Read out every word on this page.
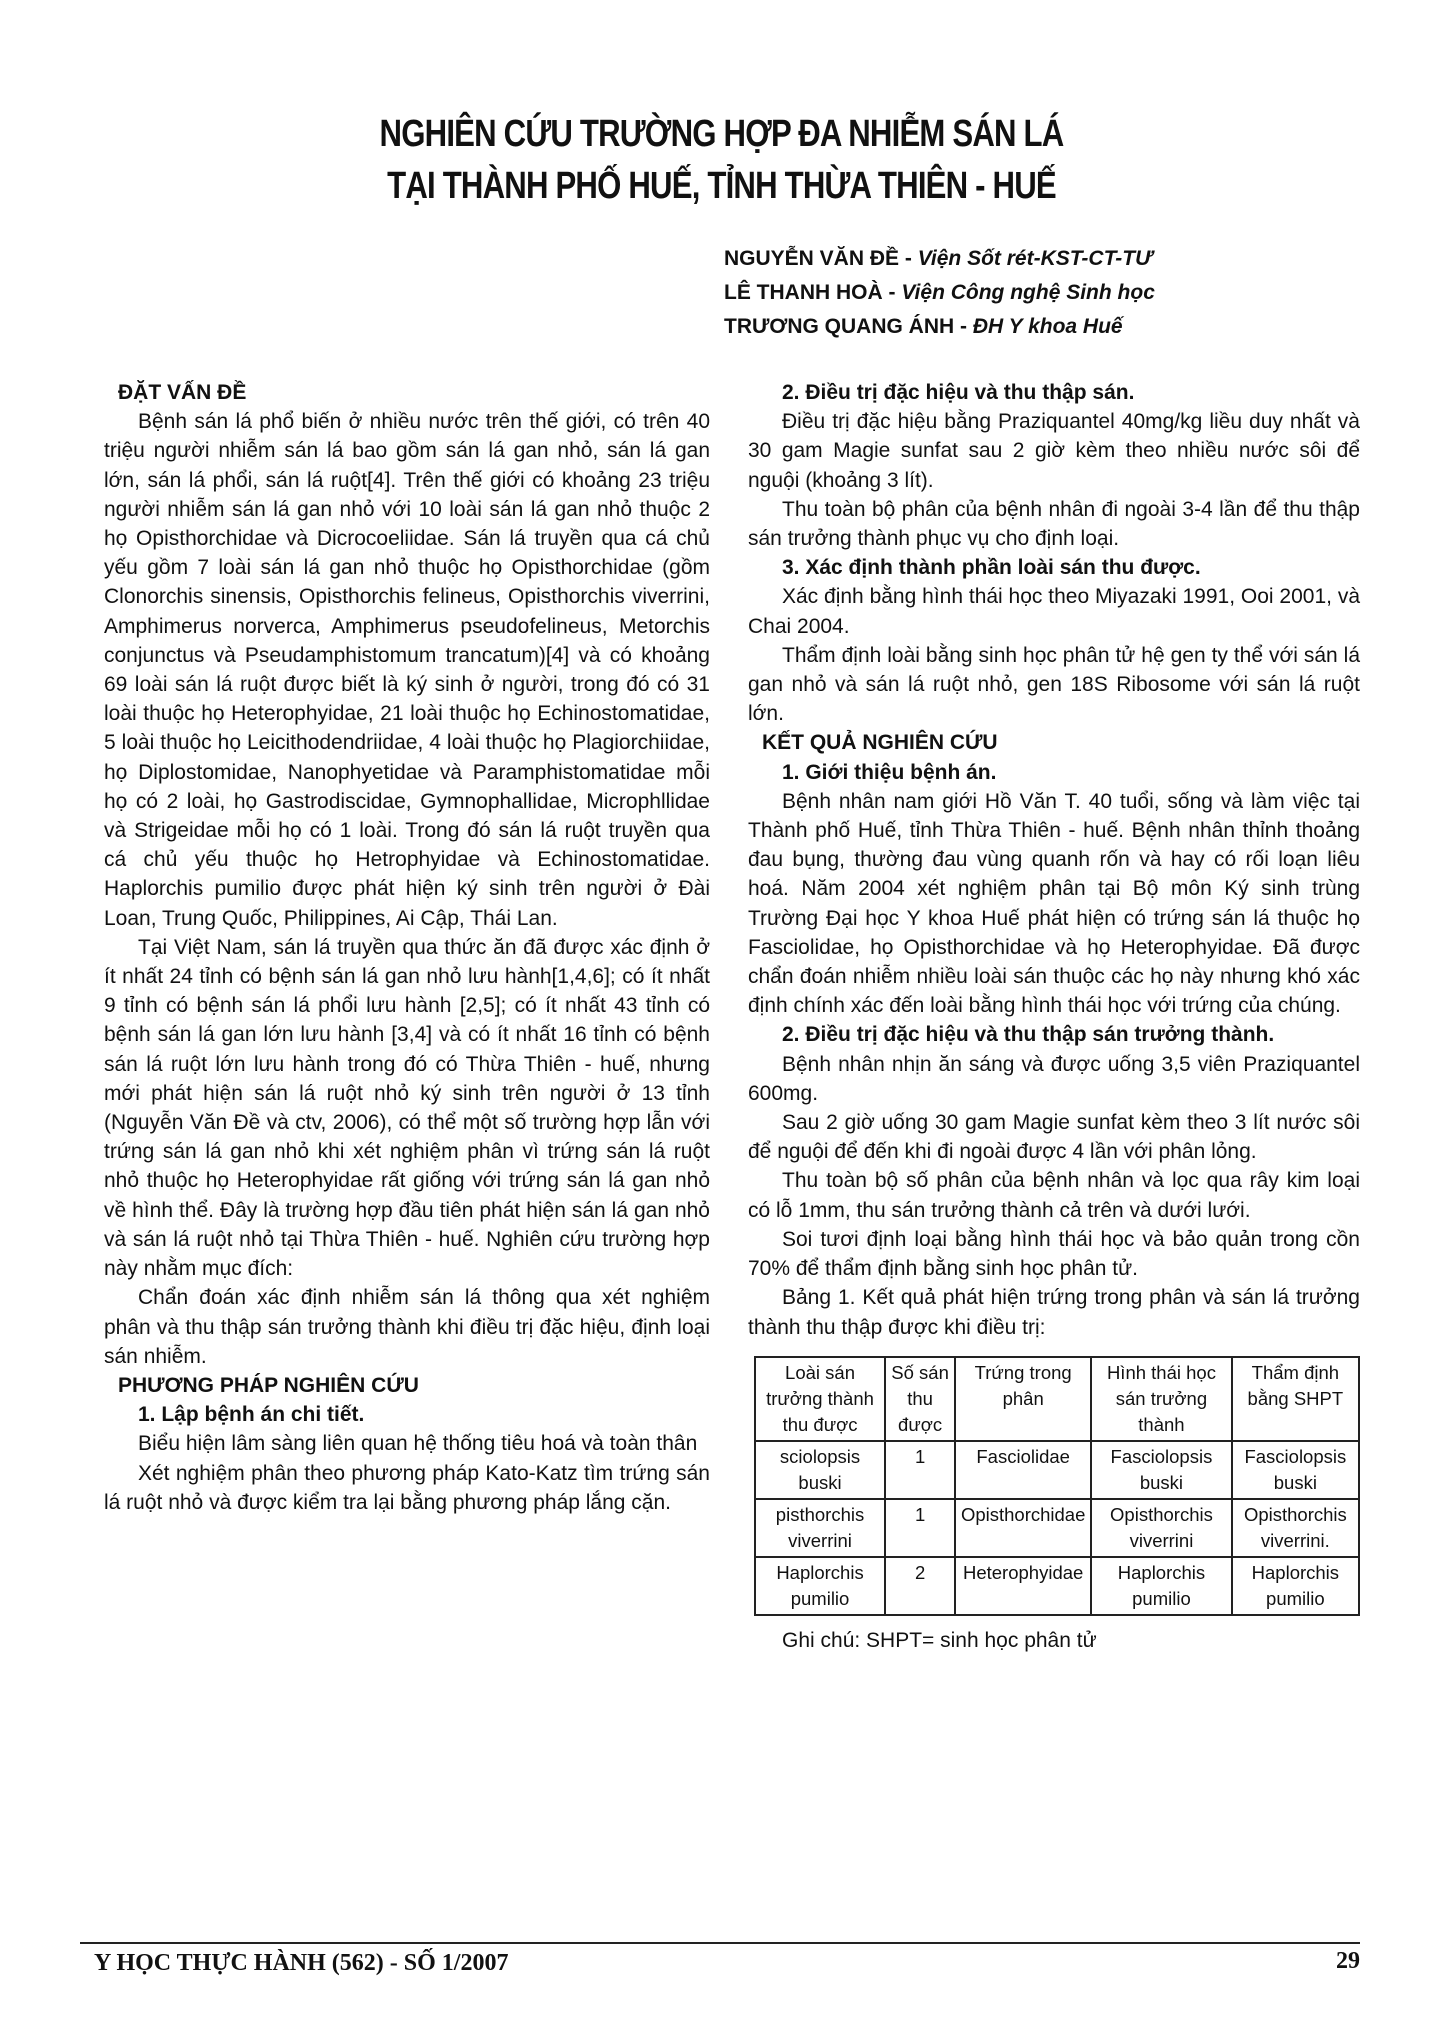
NGHIÊN CỨU TRƯỜNG HỢP ĐA NHIỄM SÁN LÁ
TẠI THÀNH PHỐ HUẾ, TỈNH THỪA THIÊN - HUẾ
NGUYỄN VĂN ĐỀ - Viện Sốt rét-KST-CT-TƯ
LÊ THANH HOÀ - Viện Công nghệ Sinh học
TRƯƠNG QUANG ÁNH - ĐH Y khoa Huế

ĐẶT VẤN ĐỀ

Bệnh sán lá phổ biến ở nhiều nước trên thế giới, có trên 40 triệu người nhiễm sán lá bao gồm sán lá gan nhỏ, sán lá gan lớn, sán lá phổi, sán lá ruột[4]. Trên thế giới có khoảng 23 triệu người nhiễm sán lá gan nhỏ với 10 loài sán lá gan nhỏ thuộc 2 họ Opisthorchidae và Dicrocoeliidae. Sán lá truyền qua cá chủ yếu gồm 7 loài sán lá gan nhỏ thuộc họ Opisthorchidae (gồm Clonorchis sinensis, Opisthorchis felineus, Opisthorchis viverrini, Amphimerus norverca, Amphimerus pseudofelineus, Metorchis conjunctus và Pseudamphistomum trancatum)[4] và có khoảng 69 loài sán lá ruột được biết là ký sinh ở người, trong đó có 31 loài thuộc họ Heterophyidae, 21 loài thuộc họ Echinostomatidae, 5 loài thuộc họ Leicithodendriidae, 4 loài thuộc họ Plagiorchiidae, họ Diplostomidae, Nanophyetidae và Paramphistomatidae mỗi họ có 2 loài, họ Gastrodiscidae, Gymnophallidae, Microphllidae và Strigeidae mỗi họ có 1 loài. Trong đó sán lá ruột truyền qua cá chủ yếu thuộc họ Hetrophyidae và Echinostomatidae. Haplorchis pumilio được phát hiện ký sinh trên người ở Đài Loan, Trung Quốc, Philippines, Ai Cập, Thái Lan.

Tại Việt Nam, sán lá truyền qua thức ăn đã được xác định ở ít nhất 24 tỉnh có bệnh sán lá gan nhỏ lưu hành[1,4,6]; có ít nhất 9 tỉnh có bệnh sán lá phổi lưu hành [2,5]; có ít nhất 43 tỉnh có bệnh sán lá gan lớn lưu hành [3,4] và có ít nhất 16 tỉnh có bệnh sán lá ruột lớn lưu hành trong đó có Thừa Thiên - huế, nhưng mới phát hiện sán lá ruột nhỏ ký sinh trên người ở 13 tỉnh (Nguyễn Văn Đề và ctv, 2006), có thể một số trường hợp lẫn với trứng sán lá gan nhỏ khi xét nghiệm phân vì trứng sán lá ruột nhỏ thuộc họ Heterophyidae rất giống với trứng sán lá gan nhỏ về hình thể. Đây là trường hợp đầu tiên phát hiện sán lá gan nhỏ và sán lá ruột nhỏ tại Thừa Thiên - huế. Nghiên cứu trường hợp này nhằm mục đích:

Chẩn đoán xác định nhiễm sán lá thông qua xét nghiệm phân và thu thập sán trưởng thành khi điều trị đặc hiệu, định loại sán nhiễm.

PHƯƠNG PHÁP NGHIÊN CỨU

1. Lập bệnh án chi tiết.

Biểu hiện lâm sàng liên quan hệ thống tiêu hoá và toàn thân

Xét nghiệm phân theo phương pháp Kato-Katz tìm trứng sán lá ruột nhỏ và được kiểm tra lại bằng phương pháp lắng cặn.

2. Điều trị đặc hiệu và thu thập sán.

Điều trị đặc hiệu bằng Praziquantel 40mg/kg liều duy nhất và 30 gam Magie sunfat sau 2 giờ kèm theo nhiều nước sôi để nguội (khoảng 3 lít).

Thu toàn bộ phân của bệnh nhân đi ngoài 3-4 lần để thu thập sán trưởng thành phục vụ cho định loại.

3. Xác định thành phần loài sán thu được.

Xác định bằng hình thái học theo Miyazaki 1991, Ooi 2001, và Chai 2004.

Thẩm định loài bằng sinh học phân tử hệ gen ty thể với sán lá gan nhỏ và sán lá ruột nhỏ, gen 18S Ribosome với sán lá ruột lớn.

KẾT QUẢ NGHIÊN CỨU

1. Giới thiệu bệnh án.

Bệnh nhân nam giới Hồ Văn T. 40 tuổi, sống và làm việc tại Thành phố Huế, tỉnh Thừa Thiên - huế. Bệnh nhân thỉnh thoảng đau bụng, thường đau vùng quanh rốn và hay có rối loạn liêu hoá. Năm 2004 xét nghiệm phân tại Bộ môn Ký sinh trùng Trường Đại học Y khoa Huế phát hiện có trứng sán lá thuộc họ Fasciolidae, họ Opisthorchidae và họ Heterophyidae. Đã được chẩn đoán nhiễm nhiều loài sán thuộc các họ này nhưng khó xác định chính xác đến loài bằng hình thái học với trứng của chúng.

2. Điều trị đặc hiệu và thu thập sán trưởng thành.

Bệnh nhân nhịn ăn sáng và được uống 3,5 viên Praziquantel 600mg.

Sau 2 giờ uống 30 gam Magie sunfat kèm theo 3 lít nước sôi để nguội để đến khi đi ngoài được 4 lần với phân lỏng.

Thu toàn bộ số phân của bệnh nhân và lọc qua rây kim loại có lỗ 1mm, thu sán trưởng thành cả trên và dưới lưới.

Soi tươi định loại bằng hình thái học và bảo quản trong cồn 70% để thẩm định bằng sinh học phân tử.

Bảng 1. Kết quả phát hiện trứng trong phân và sán lá trưởng thành thu thập được khi điều trị:

Loài sán trưởng thành thu được	Số sán thu được	Trứng trong phân	Hình thái học sán trưởng thành	Thẩm định bằng SHPT
sciolopsis buski	1	Fasciolidae	Fasciolopsis buski	Fasciolopsis buski
pisthorchis viverrini	1	Opisthorchidae	Opisthorchis viverrini	Opisthorchis viverrini.
Haplorchis pumilio	2	Heterophyidae	Haplorchis pumilio	Haplorchis pumilio

Ghi chú: SHPT= sinh học phân tử

Y HỌC THỰC HÀNH (562) - SỐ 1/2007	29
